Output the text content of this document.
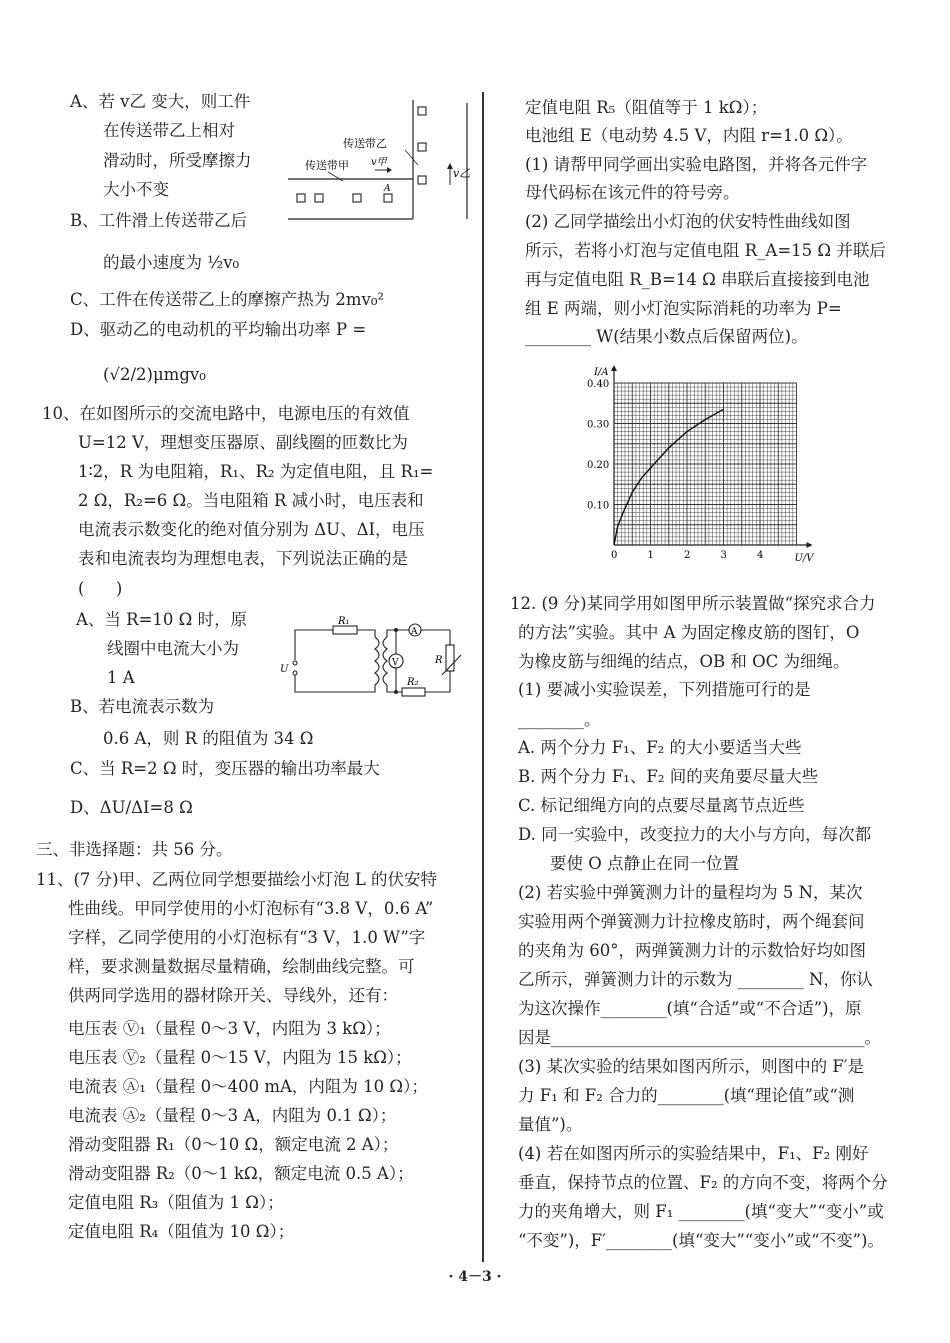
A、若 v乙 变大，则工件
在传送带乙上相对
滑动时，所受摩擦力
大小不变
B、工件滑上传送带乙后
的最小速度为 ½v₀
C、工件在传送带乙上的摩擦产热为 2mv₀²
D、驱动乙的电动机的平均输出功率 P =
(√2/2)μmgv₀
10、在如图所示的交流电路中，电源电压的有效值
U=12 V，理想变压器原、副线圈的匝数比为
1∶2，R 为电阻箱，R₁、R₂ 为定值电阻，且 R₁=
2 Ω，R₂=6 Ω。当电阻箱 R 减小时，电压表和
电流表示数变化的绝对值分别为 ΔU、ΔI，电压
表和电流表均为理想电表，下列说法正确的是
(      )
A、当 R=10 Ω 时，原
线圈中电流大小为
1 A
B、若电流表示数为
0.6 A，则 R 的阻值为 34 Ω
C、当 R=2 Ω 时，变压器的输出功率最大
D、ΔU/ΔI=8 Ω
三、非选择题：共 56 分。
11、(7 分)甲、乙两位同学想要描绘小灯泡 L 的伏安特
性曲线。甲同学使用的小灯泡标有“3.8 V，0.6 A”
字样，乙同学使用的小灯泡标有“3 V，1.0 W”字
样，要求测量数据尽量精确，绘制曲线完整。可
供两同学选用的器材除开关、导线外，还有：
电压表 Ⓥ₁（量程 0～3 V，内阻为 3 kΩ）；
电压表 Ⓥ₂（量程 0～15 V，内阻为 15 kΩ）；
电流表 Ⓐ₁（量程 0～400 mA，内阻为 10 Ω）；
电流表 Ⓐ₂（量程 0～3 A，内阻为 0.1 Ω）；
滑动变阻器 R₁（0～10 Ω，额定电流 2 A）；
滑动变阻器 R₂（0～1 kΩ，额定电流 0.5 A）；
定值电阻 R₃（阻值为 1 Ω）；
定值电阻 R₄（阻值为 10 Ω）；
定值电阻 R₅（阻值等于 1 kΩ）；
电池组 E（电动势 4.5 V，内阻 r=1.0 Ω）。
(1) 请帮甲同学画出实验电路图，并将各元件字
母代码标在该元件的符号旁。
(2) 乙同学描绘出小灯泡的伏安特性曲线如图
所示，若将小灯泡与定值电阻 R_A=15 Ω 并联后
再与定值电阻 R_B=14 Ω 串联后直接接到电池
组 E 两端，则小灯泡实际消耗的功率为 P=
________ W(结果小数点后保留两位)。
12. (9 分)某同学用如图甲所示装置做“探究求合力
的方法”实验。其中 A 为固定橡皮筋的图钉，O
为橡皮筋与细绳的结点，OB 和 OC 为细绳。
(1) 要减小实验误差，下列措施可行的是
________。
A. 两个分力 F₁、F₂ 的大小要适当大些
B. 两个分力 F₁、F₂ 间的夹角要尽量大些
C. 标记细绳方向的点要尽量离节点近些
D. 同一实验中，改变拉力的大小与方向，每次都
要使 O 点静止在同一位置
(2) 若实验中弹簧测力计的量程均为 5 N，某次
实验用两个弹簧测力计拉橡皮筋时，两个绳套间
的夹角为 60°，两弹簧测力计的示数恰好均如图
乙所示，弹簧测力计的示数为 ________ N，你认
为这次操作________(填“合适”或“不合适”)，原
因是______________________________________。
(3) 某次实验的结果如图丙所示，则图中的 F′是
力 F₁ 和 F₂ 合力的________(填“理论值”或“测
量值”)。
(4) 若在如图丙所示的实验结果中，F₁、F₂ 刚好
垂直，保持节点的位置、F₂ 的方向不变，将两个分
力的夹角增大，则 F₁ ________(填“变大”“变小”或
“不变”)，F′________(填“变大”“变小”或“不变”)。
传送带甲
传送带乙
v甲
v乙
A
A
V
R₁
R₂
R
U
0	1	2	3	4
0.10
0.20
0.30
0.40
U/V
I/A
· 4－3 ·
